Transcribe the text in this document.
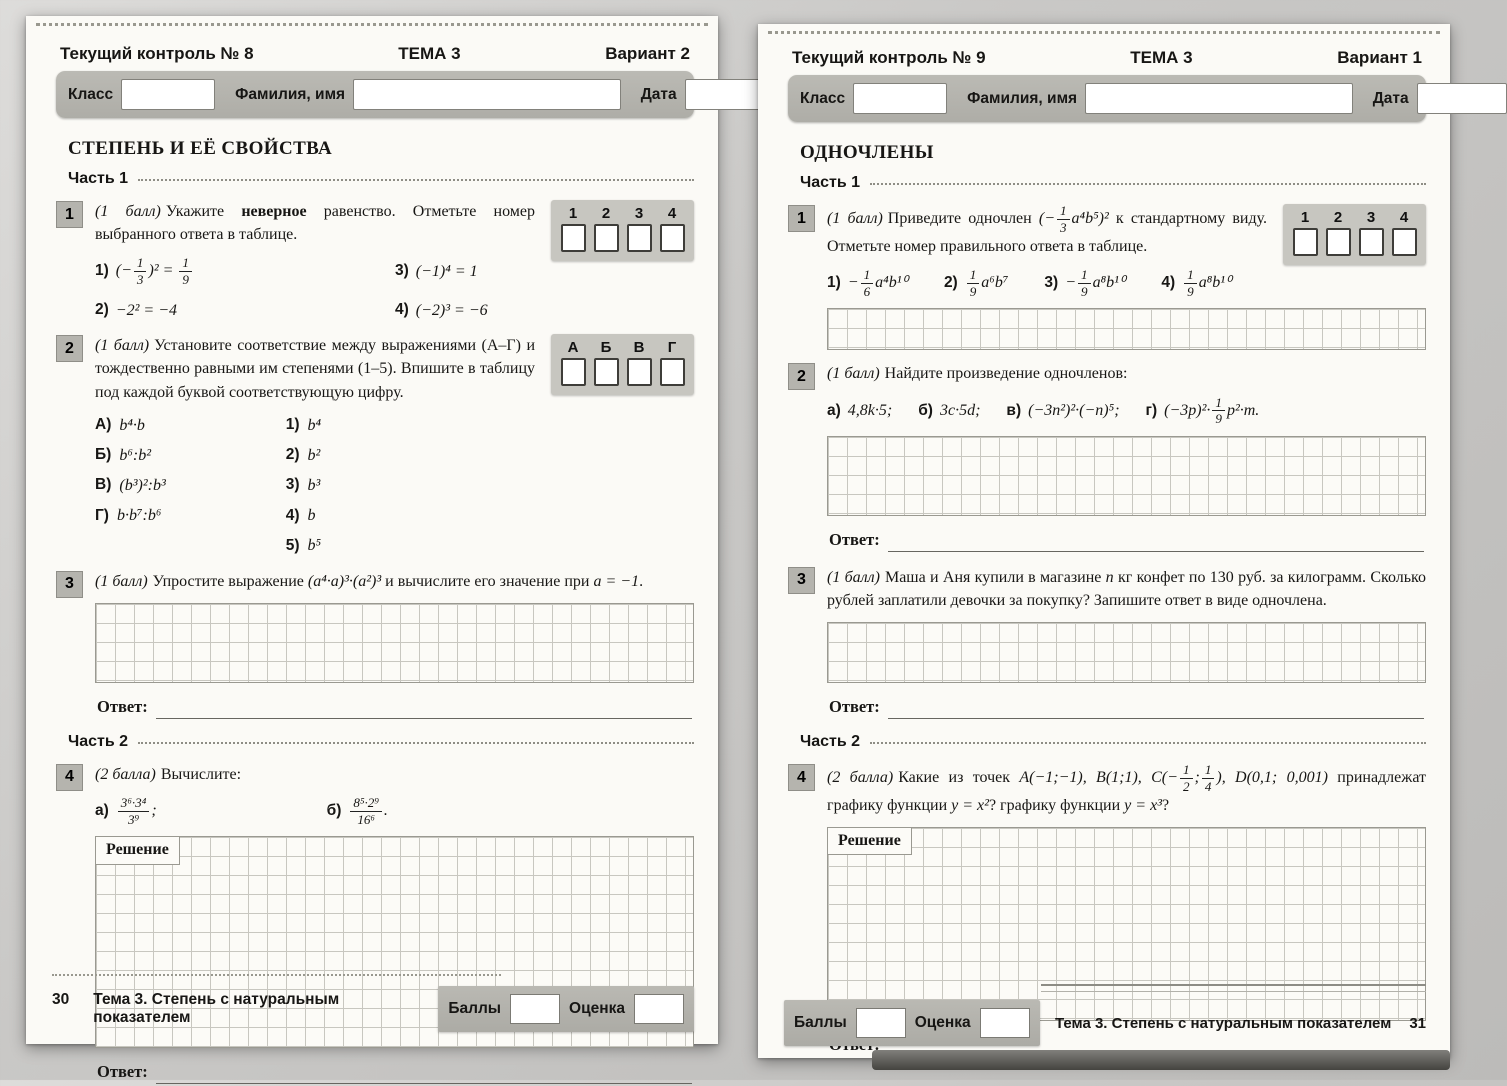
Текущий контроль № 8	ТЕМА 3	Вариант 2
Класс	Фамилия, имя	Дата
СТЕПЕНЬ И ЕЁ СВОЙСТВА
Часть 1
1	1 2 3 4

(1 балл) Укажите неверное равенство. Отметьте номер выбранного ответа в таблице.

1) (− $\frac{1}{3} )^2 = \frac{1}{9}$
2) −2² = −4
3) (−1)⁴ = 1
4) (−2)³ = −6
2	А Б В Г

(1 балл) Установите соответствие между выражениями (А–Г) и тождественно равными им степенями (1–5). Впишите в таблицу под каждой буквой соответствующую цифру.

А) b⁴·b
Б) b⁶:b²
В) (b³)²:b³
Г) b·b⁷:b⁶
1) b⁴
2) b²
3) b³
4) b
5) b⁵
3	(1 балл) Упростите выражение (a⁴·a)³·(a²)³ и вычислите его значение при a = −1.

Ответ:
Часть 2
4	(2 балла) Вычислите:

$а) \frac{\text{3⁶·3⁴}}{\text{3⁹}}$ ;	$б) \frac{\text{8⁵·2⁹}}{\text{16⁶}}$ .
Решение
Ответ:
30 Тема 3. Степень с натуральным показателем
Баллы	Оценка
Текущий контроль № 9	ТЕМА 3	Вариант 1
Класс	Фамилия, имя	Дата
ОДНОЧЛЕНЫ
Часть 1
1	1 2 3 4

(1 балл) Приведите одночлен (− $\frac{1}{3} a^4b^5)^2$ к стандартному виду. Отметьте номер правильного ответа в таблице.

$1) - \frac{1}{6} a^4b^{10}$ $2) \frac{1}{9} a^6b^7$ $3) - \frac{1}{9} a^8b^{10}$ $4) \frac{1}{9} a^8b^{10}$
2	(1 балл) Найдите произведение одночленов:

а) 4,8k·5; б) 3c·5d; в) (−3n²)²·(−n)⁵; г) $(-3p)^2\cdot \frac{1}{9} p^2\cdot m$.
Ответ:
3	(1 балл) Маша и Аня купили в магазине n кг конфет по 130 руб. за килограмм. Сколько рублей заплатили девочки за покупку? Запишите ответ в виде одночлена.

Ответ:
Часть 2
4	(2 балла) Какие из точек A(−1;−1), B(1;1), $C(- \frac{1}{2}$ ; $\frac{1}{4}$ ), D(0,1; 0,001) принадлежат графику функции y = x²? графику функции y = x³?

Решение
Баллы	Оценка	Тема 3. Степень с натуральным показателем 31
